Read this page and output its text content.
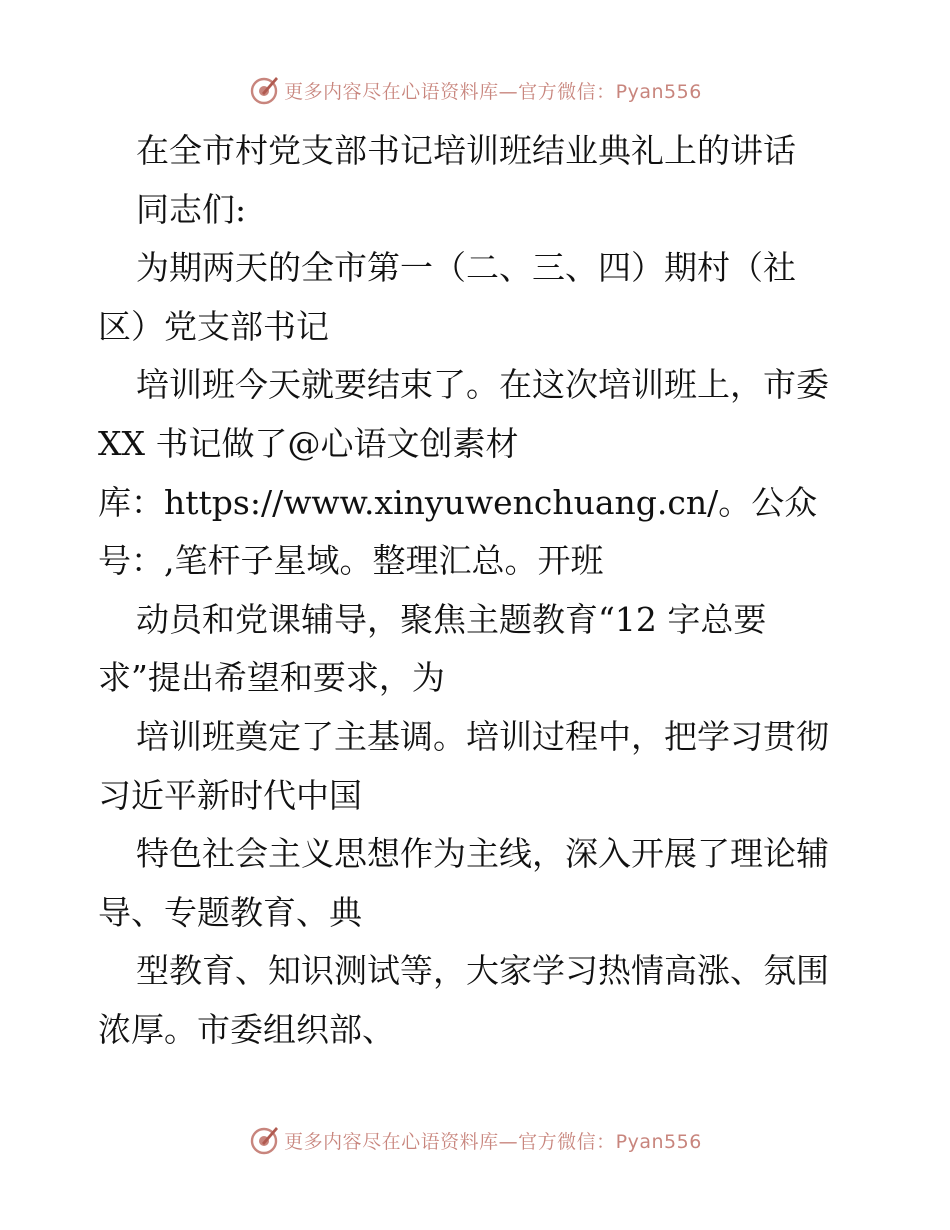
更多内容尽在心语资料库—官方微信：Pyan556
在全市村党支部书记培训班结业典礼上的讲话
同志们:
为期两天的全市第一（二、三、四）期村（社
区）党支部书记
培训班今天就要结束了。在这次培训班上，市委
XX 书记做了@心语文创素材
库：https://www.xinyuwenchuang.cn/。公众
号：,笔杆子星域。整理汇总。开班
动员和党课辅导，聚焦主题教育“12 字总要
求”提出希望和要求，为
培训班奠定了主基调。培训过程中，把学习贯彻
习近平新时代中国
特色社会主义思想作为主线，深入开展了理论辅
导、专题教育、典
型教育、知识测试等，大家学习热情高涨、氛围
浓厚。市委组织部、
更多内容尽在心语资料库—官方微信：Pyan556
